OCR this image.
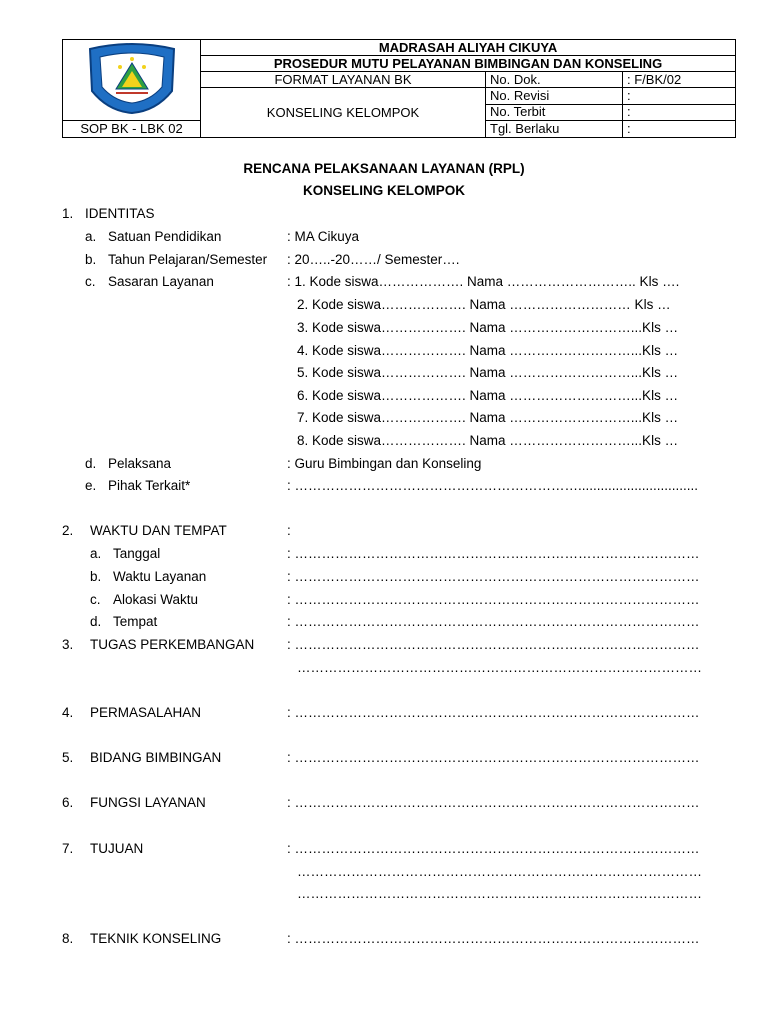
	MADRASAH ALIYAH CIKUYA		
	PROSEDUR MUTU PELAYANAN BIMBINGAN DAN KONSELING		
	FORMAT LAYANAN BK	No. Dok.	: F/BK/02
	KONSELING KELOMPOK	No. Revisi	:
		No. Terbit	:
SOP BK - LBK 02		Tgl. Berlaku	:
RENCANA PELAKSANAAN LAYANAN (RPL)
KONSELING KELOMPOK
1. IDENTITAS
a. Satuan Pendidikan	: MA Cikuya
b. Tahun Pelajaran/Semester : 20…..-20……/ Semester….
c. Sasaran Layanan	: 1. Kode siswa………………. Nama ……………………….. Kls ….
2. Kode siswa………………. Nama ……………………… Kls …
3. Kode siswa………………. Nama ………………………...Kls …
4. Kode siswa………………. Nama ………………………...Kls …
5. Kode siswa………………. Nama ………………………...Kls …
6. Kode siswa………………. Nama ………………………...Kls …
7. Kode siswa………………. Nama ………………………...Kls …
8. Kode siswa………………. Nama ………………………...Kls …
d. Pelaksana	: Guru Bimbingan dan Konseling
e. Pihak Terkait*	: ………………………………………………………................................
2. WAKTU DAN TEMPAT	:
a. Tanggal	: ………………………………………………………………………………
b. Waktu Layanan	: ………………………………………………………………………………
c. Alokasi Waktu	: ………………………………………………………………………………
d. Tempat	: ………………………………………………………………………………
3. TUGAS PERKEMBANGAN : ………………………………………………………………………………
………………………………………………………………………………
4. PERMASALAHAN	: ………………………………………………………………………………
5. BIDANG BIMBINGAN	: ………………………………………………………………………………
6. FUNGSI LAYANAN	: ………………………………………………………………………………
7. TUJUAN	: ………………………………………………………………………………
………………………………………………………………………………
………………………………………………………………………………
8. TEKNIK KONSELING	: ………………………………………………………………………………
